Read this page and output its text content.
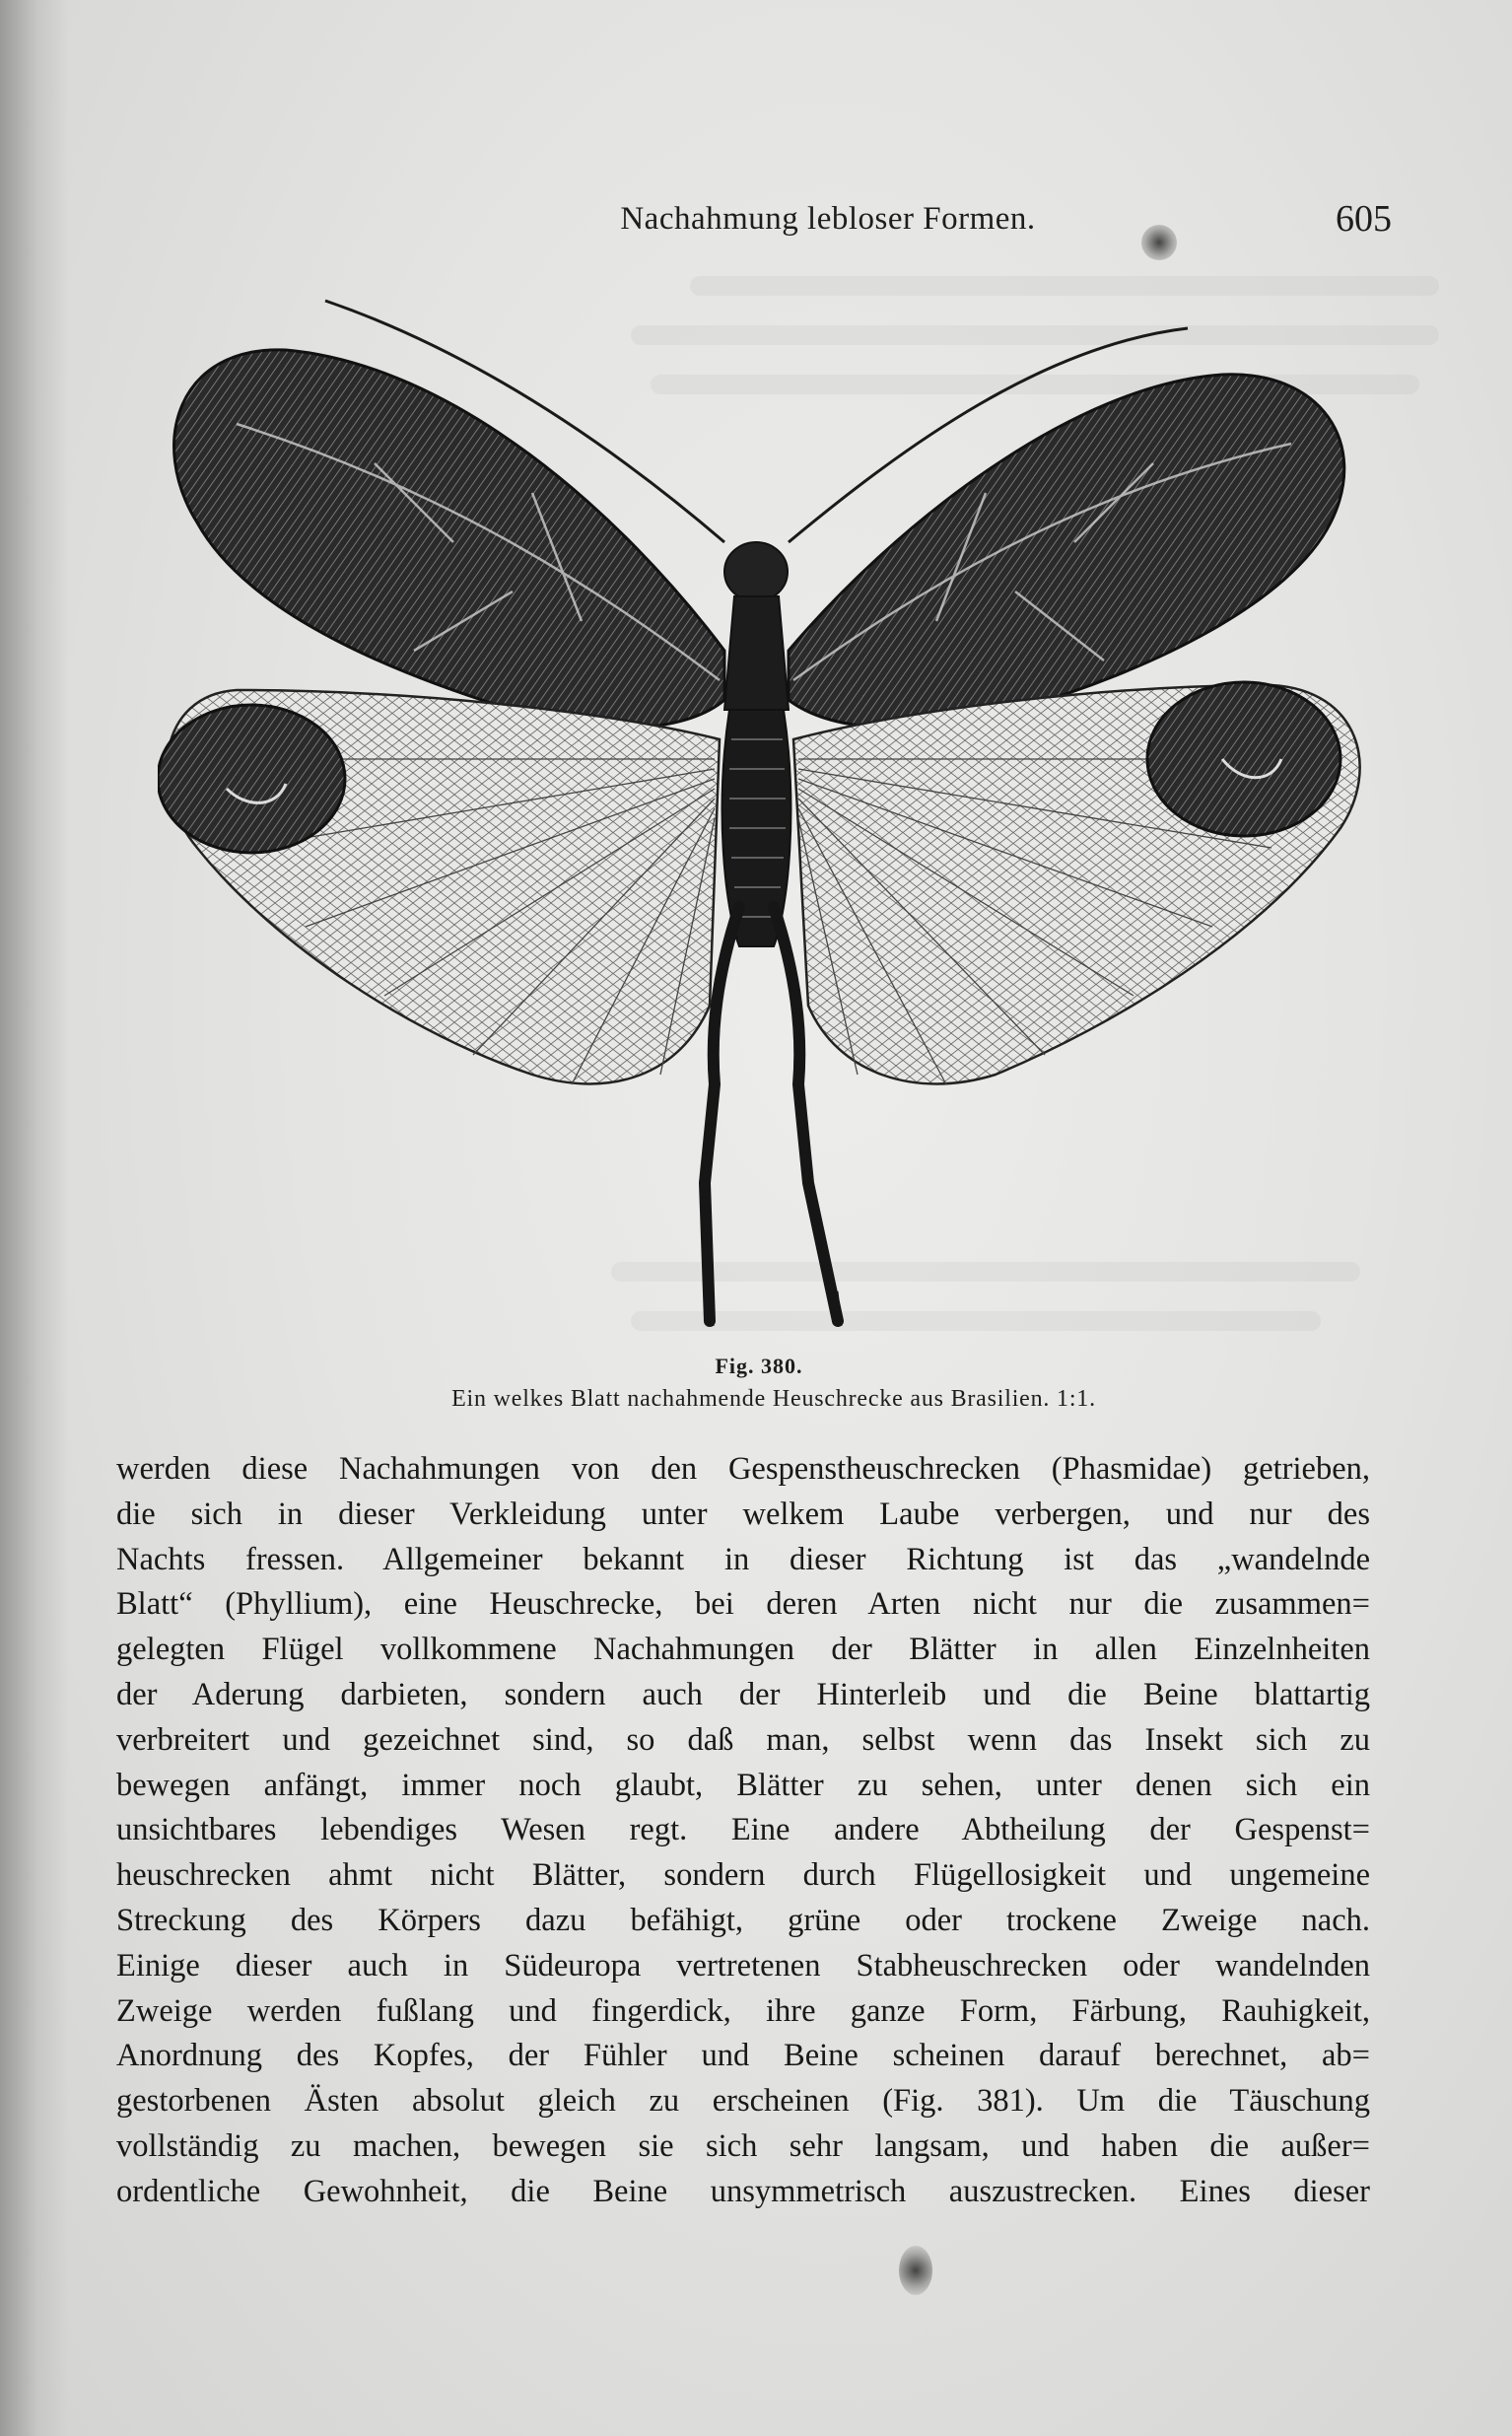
Nachahmung lebloser Formen.	605
Fig. 380.
Ein welkes Blatt nachahmende Heuschrecke aus Brasilien. 1:1.
werden diese Nachahmungen von den Gespenstheuschrecken (Phasmidae) getrieben,
die sich in dieser Verkleidung unter welkem Laube verbergen, und nur des
Nachts fressen. Allgemeiner bekannt in dieser Richtung ist das „wandelnde
Blatt“ (Phyllium), eine Heuschrecke, bei deren Arten nicht nur die zusammen=
gelegten Flügel vollkommene Nachahmungen der Blätter in allen Einzelnheiten
der Aderung darbieten, sondern auch der Hinterleib und die Beine blattartig
verbreitert und gezeichnet sind, so daß man, selbst wenn das Insekt sich zu
bewegen anfängt, immer noch glaubt, Blätter zu sehen, unter denen sich ein
unsichtbares lebendiges Wesen regt. Eine andere Abtheilung der Gespenst=
heuschrecken ahmt nicht Blätter, sondern durch Flügellosigkeit und ungemeine
Streckung des Körpers dazu befähigt, grüne oder trockene Zweige nach.
Einige dieser auch in Südeuropa vertretenen Stabheuschrecken oder wandelnden
Zweige werden fußlang und fingerdick, ihre ganze Form, Färbung, Rauhigkeit,
Anordnung des Kopfes, der Fühler und Beine scheinen darauf berechnet, ab=
gestorbenen Ästen absolut gleich zu erscheinen (Fig. 381). Um die Täuschung
vollständig zu machen, bewegen sie sich sehr langsam, und haben die außer=
ordentliche Gewohnheit, die Beine unsymmetrisch auszustrecken. Eines dieser
